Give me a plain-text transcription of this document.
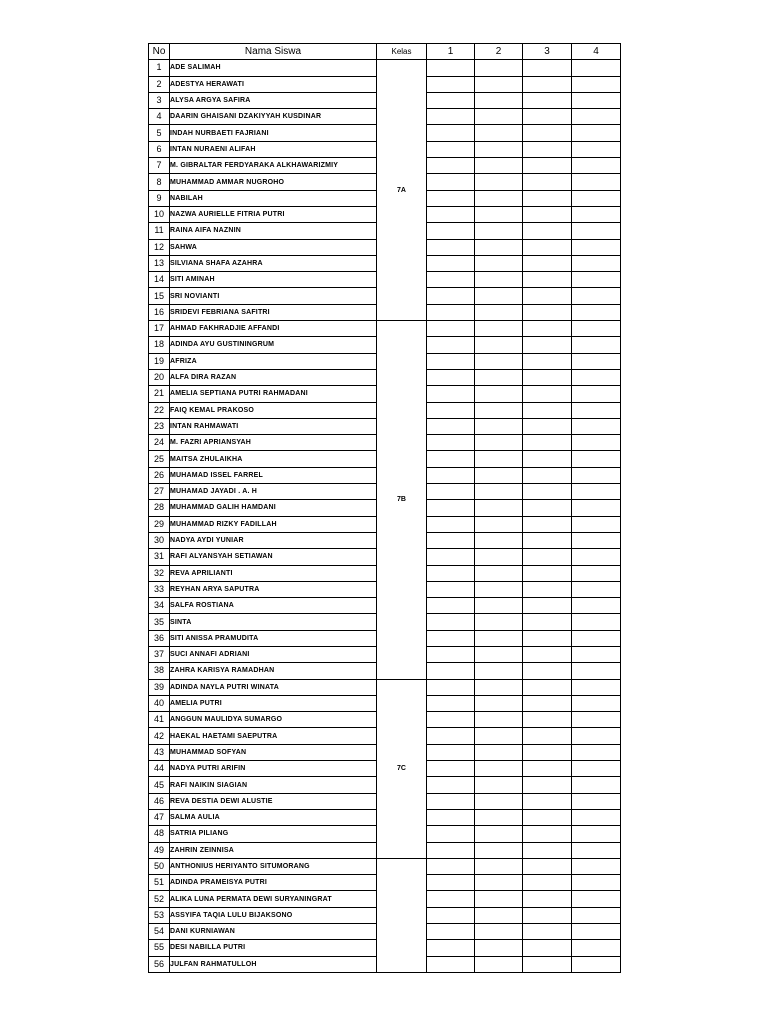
No	Nama Siswa	Kelas	1	2	3	4
1	ADE SALIMAH	7A				
2	ADESTYA HERAWATI					
3	ALYSA ARGYA SAFIRA					
4	DAARIN GHAISANI DZAKIYYAH KUSDINAR					
5	INDAH NURBAETI FAJRIANI					
6	INTAN NURAENI ALIFAH					
7	M. GIBRALTAR FERDYARAKA ALKHAWARIZMIY					
8	MUHAMMAD AMMAR NUGROHO					
9	NABILAH					
10	NAZWA AURIELLE FITRIA PUTRI					
11	RAINA AIFA NAZNIN					
12	SAHWA					
13	SILVIANA SHAFA AZAHRA					
14	SITI AMINAH					
15	SRI NOVIANTI					
16	SRIDEVI FEBRIANA SAFITRI					
17	AHMAD FAKHRADJIE AFFANDI	7B				
18	ADINDA AYU GUSTININGRUM					
19	AFRIZA					
20	ALFA DIRA RAZAN					
21	AMELIA SEPTIANA PUTRI RAHMADANI					
22	FAIQ KEMAL PRAKOSO					
23	INTAN RAHMAWATI					
24	M. FAZRI APRIANSYAH					
25	MAITSA ZHULAIKHA					
26	MUHAMAD ISSEL FARREL					
27	MUHAMAD JAYADI . A. H					
28	MUHAMMAD GALIH HAMDANI					
29	MUHAMMAD RIZKY FADILLAH					
30	NADYA AYDI YUNIAR					
31	RAFI ALYANSYAH SETIAWAN					
32	REVA APRILIANTI					
33	REYHAN ARYA SAPUTRA					
34	SALFA ROSTIANA					
35	SINTA					
36	SITI ANISSA PRAMUDITA					
37	SUCI ANNAFI ADRIANI					
38	ZAHRA KARISYA RAMADHAN					
39	ADINDA NAYLA PUTRI WINATA	7C				
40	AMELIA PUTRI					
41	ANGGUN MAULIDYA SUMARGO					
42	HAEKAL HAETAMI SAEPUTRA					
43	MUHAMMAD SOFYAN					
44	NADYA PUTRI ARIFIN					
45	RAFI NAIKIN SIAGIAN					
46	REVA DESTIA DEWI ALUSTIE					
47	SALMA AULIA					
48	SATRIA PILIANG					
49	ZAHRIN ZEINNISA					
50	ANTHONIUS HERIYANTO SITUMORANG					
51	ADINDA PRAMEISYA PUTRI					
52	ALIKA LUNA PERMATA DEWI SURYANINGRAT					
53	ASSYIFA TAQIA LULU BIJAKSONO					
54	DANI KURNIAWAN					
55	DESI NABILLA PUTRI					
56	JULFAN RAHMATULLOH					
